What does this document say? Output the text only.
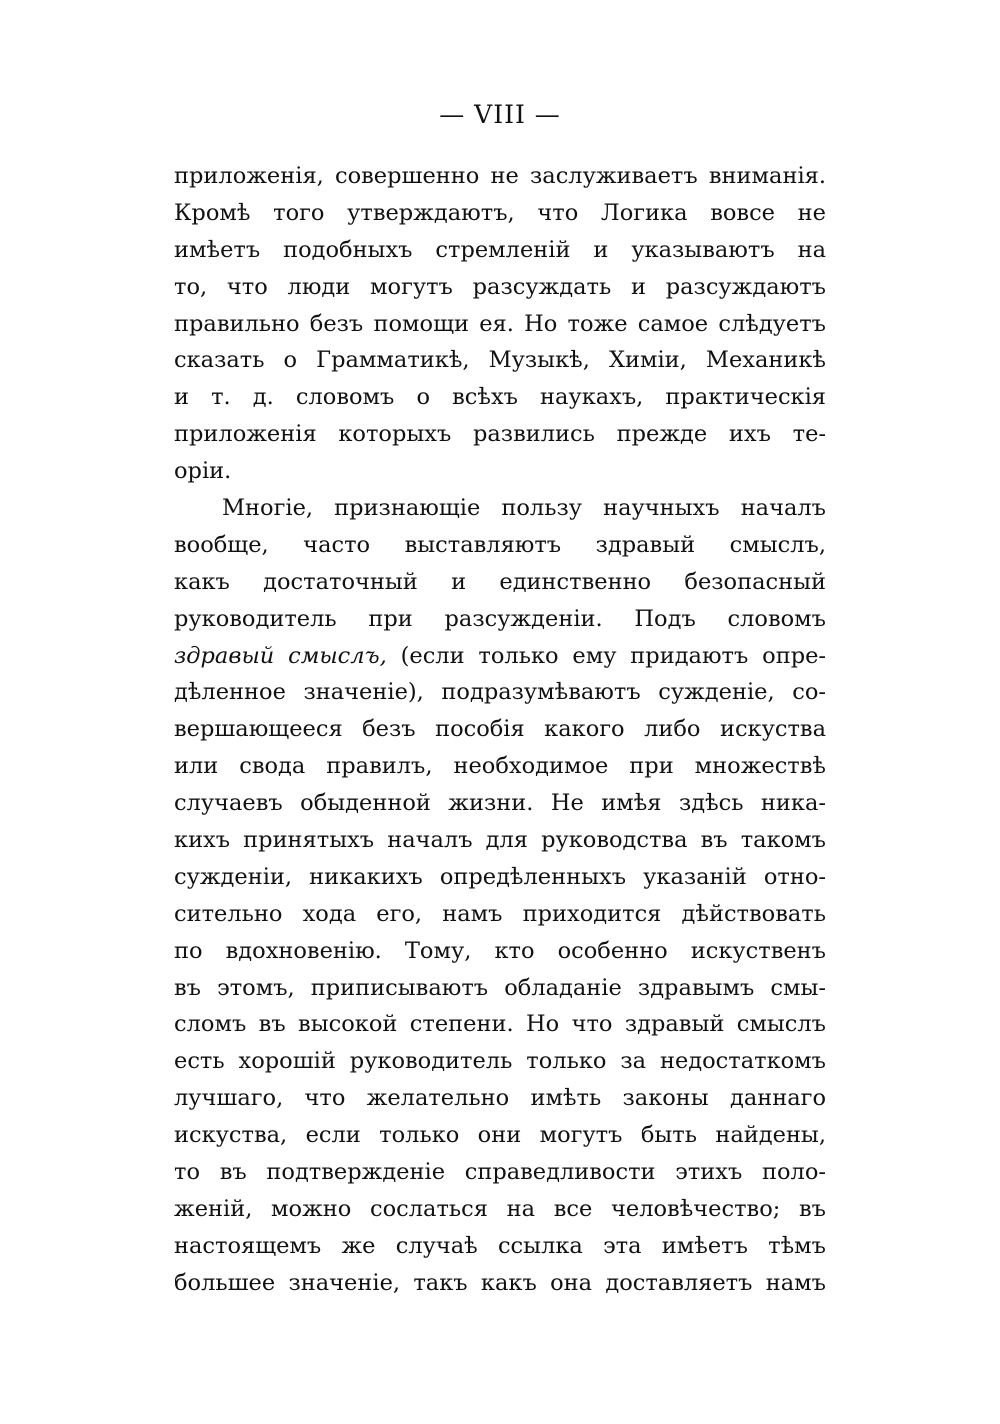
— VIII —
приложенія, совершенно не заслуживаетъ вниманія.
Кромѣ того утверждаютъ, что Логика вовсе не
имѣетъ подобныхъ стремленій и указываютъ на
то, что люди могутъ разсуждать и разсуждаютъ
правильно безъ помощи ея. Но тоже самое слѣдуетъ
сказать о Грамматикѣ, Музыкѣ, Химіи, Механикѣ
и т. д. словомъ о всѣхъ наукахъ, практическія
приложенія которыхъ развились прежде ихъ те-
оріи.
Многіе, признающіе пользу научныхъ началъ
вообще, часто выставляютъ здравый смыслъ,
какъ достаточный и единственно безопасный
руководитель при разсужденіи. Подъ словомъ
здравый смыслъ, (если только ему придаютъ опре-
дѣленное значеніе), подразумѣваютъ сужденіе, со-
вершающееся безъ пособія какого либо искуства
или свода правилъ, необходимое при множествѣ
случаевъ обыденной жизни. Не имѣя здѣсь никa-
кихъ принятыхъ началъ для руководства въ такомъ
сужденіи, никакихъ опредѣленныхъ указаній отно-
сительно хода его, намъ приходится дѣйствовать
по вдохновенію. Тому, кто особенно искуственъ
въ этомъ, приписываютъ обладаніе здравымъ смы-
сломъ въ высокой степени. Но что здравый смыслъ
есть хорошій руководитель только за недостаткомъ
лучшаго, что желательно имѣть законы даннаго
искуства, если только они могутъ быть найдены,
то въ подтвержденіе справедливости этихъ поло-
женій, можно сослаться на все человѣчество; въ
настоящемъ же случаѣ ссылка эта имѣетъ тѣмъ
большее значеніе, такъ какъ она доставляетъ намъ
